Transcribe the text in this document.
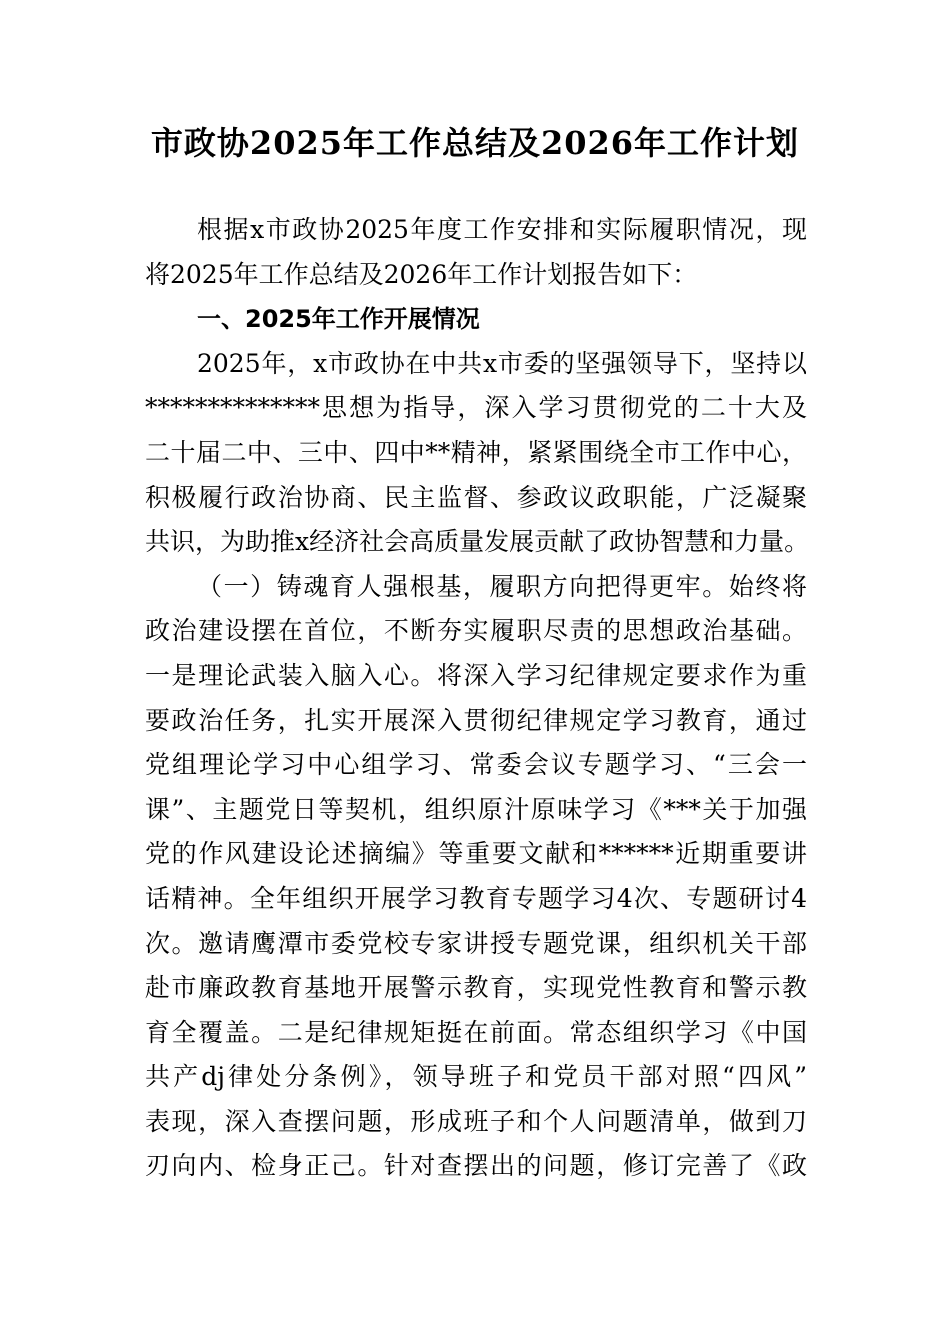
市政协2025年工作总结及2026年工作计划
根据x市政协2025年度工作安排和实际履职情况，现
将2025年工作总结及2026年工作计划报告如下：
一、2025年工作开展情况
2025年，x市政协在中共x市委的坚强领导下，坚持以
**************思想为指导，深入学习贯彻党的二十大及
二十届二中、三中、四中**精神，紧紧围绕全市工作中心，
积极履行政治协商、民主监督、参政议政职能，广泛凝聚
共识，为助推x经济社会高质量发展贡献了政协智慧和力量。
（一）铸魂育人强根基，履职方向把得更牢。始终将
政治建设摆在首位，不断夯实履职尽责的思想政治基础。
一是理论武装入脑入心。将深入学习纪律规定要求作为重
要政治任务，扎实开展深入贯彻纪律规定学习教育，通过
党组理论学习中心组学习、常委会议专题学习、“三会一
课”、主题党日等契机，组织原汁原味学习《***关于加强
党的作风建设论述摘编》等重要文献和******近期重要讲
话精神。全年组织开展学习教育专题学习4次、专题研讨4
次。邀请鹰潭市委党校专家讲授专题党课，组织机关干部
赴市廉政教育基地开展警示教育，实现党性教育和警示教
育全覆盖。二是纪律规矩挺在前面。常态组织学习《中国
共产dj律处分条例》，领导班子和党员干部对照“四风”
表现，深入查摆问题，形成班子和个人问题清单，做到刀
刃向内、检身正己。针对查摆出的问题，修订完善了《政
